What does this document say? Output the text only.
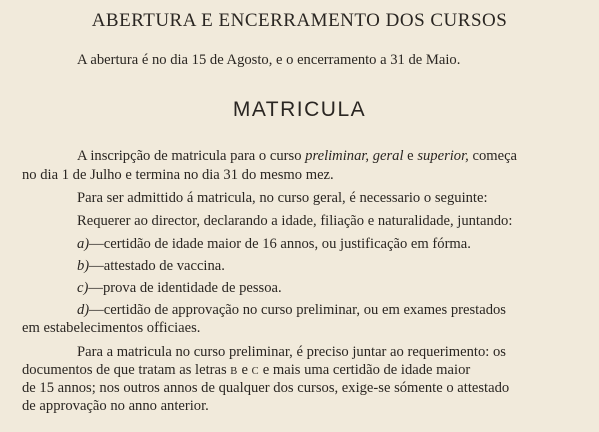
ABERTURA E ENCERRAMENTO DOS CURSOS

A abertura é no dia 15 de Agosto, e o encerramento a 31 de Maio.

MATRICULA

A inscripção de matricula para o curso preliminar, geral e superior, começa

no dia 1 de Julho e termina no dia 31 do mesmo mez.

Para ser admittido á matricula, no curso geral, é necessario o seguinte:

Requerer ao director, declarando a idade, filiação e naturalidade, juntando:

a)—certidão de idade maior de 16 annos, ou justificação em fórma.

b)—attestado de vaccina.

c)—prova de identidade de pessoa.

d)—certidão de approvação no curso preliminar, ou em exames prestados

em estabelecimentos officiaes.

Para a matricula no curso preliminar, é preciso juntar ao requerimento: os

documentos de que tratam as letras B e C e mais uma certidão de idade maior

de 15 annos; nos outros annos de qualquer dos cursos, exige-se sómente o attestado

de approvação no anno anterior.
